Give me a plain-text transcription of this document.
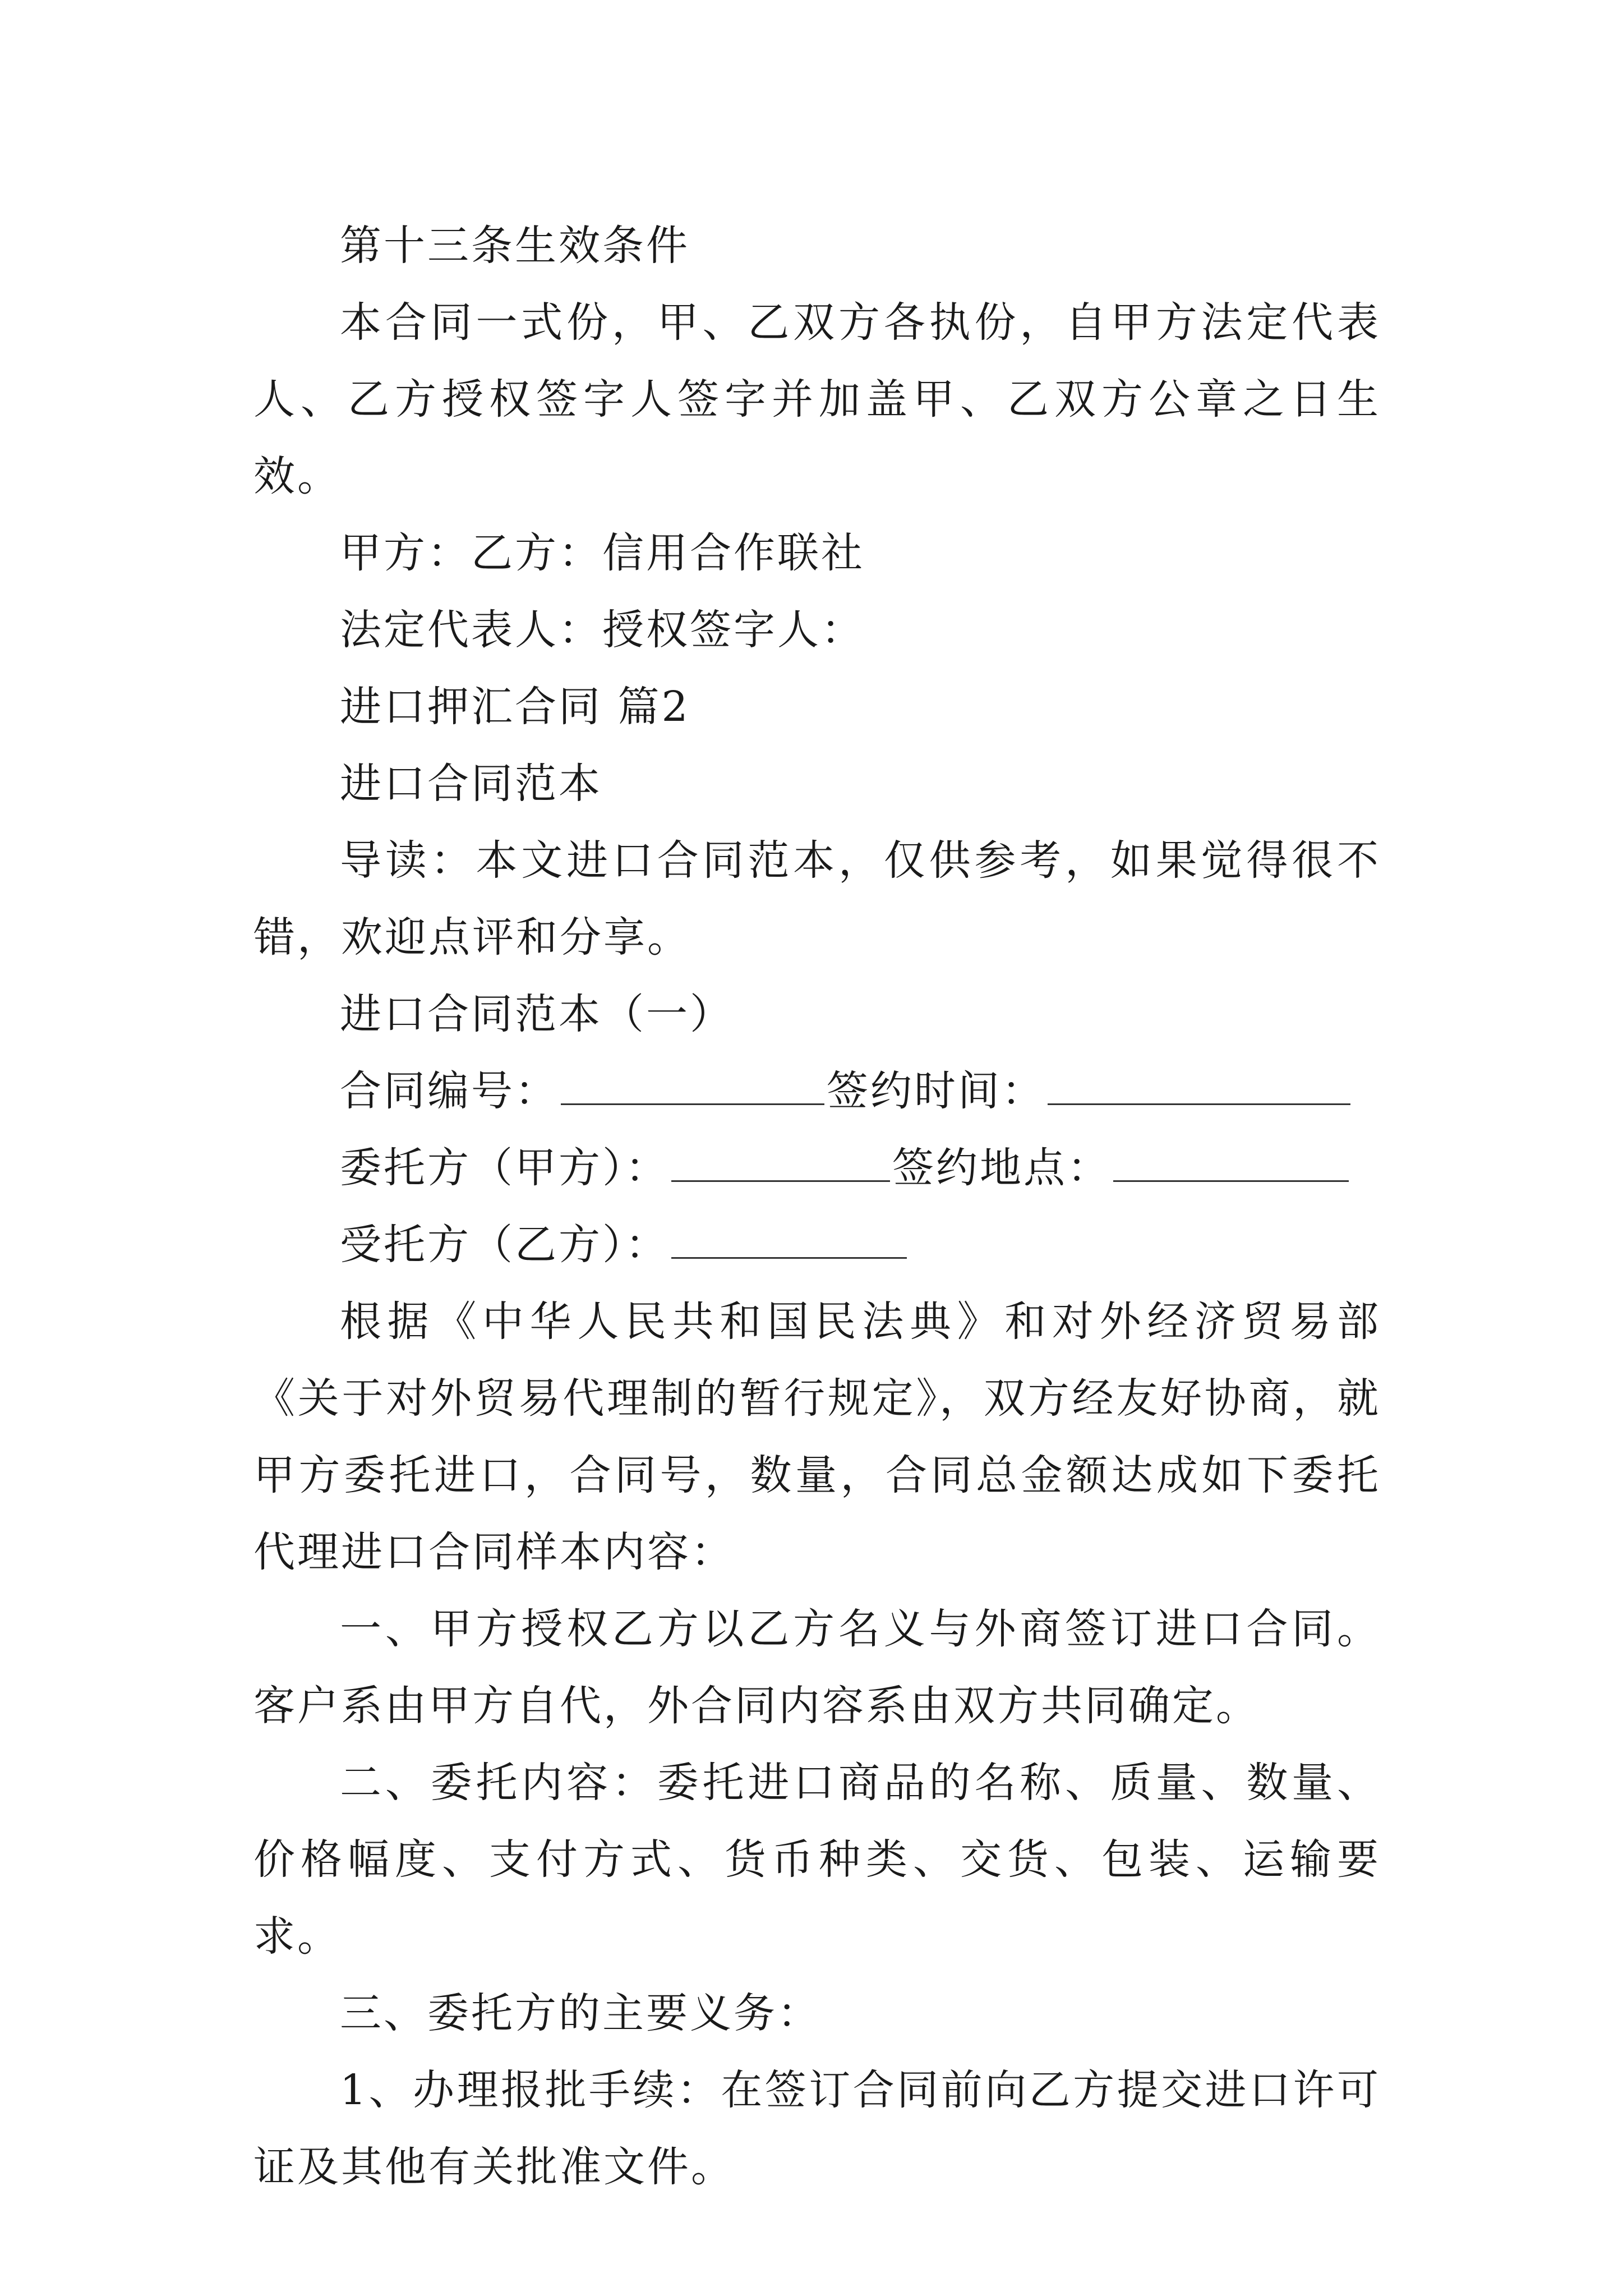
第十三条生效条件

本合同一式份，甲、乙双方各执份，自甲方法定代表人、乙方授权签字人签字并加盖甲、乙双方公章之日生效。

甲方：乙方：信用合作联社

法定代表人：授权签字人：

进口押汇合同 篇2

进口合同范本

导读：本文进口合同范本，仅供参考，如果觉得很不错，欢迎点评和分享。

进口合同范本（一）

合同编号：	签约时间：

委托方（甲方）：	签约地点：

受托方（乙方）：

根据《中华人民共和国民法典》和对外经济贸易部《关于对外贸易代理制的暂行规定》，双方经友好协商，就甲方委托进口，合同号，数量，合同总金额达成如下委托代理进口合同样本内容：

一、甲方授权乙方以乙方名义与外商签订进口合同。客户系由甲方自代，外合同内容系由双方共同确定。

二、委托内容：委托进口商品的名称、质量、数量、价格幅度、支付方式、货币种类、交货、包装、运输要求。

三、委托方的主要义务：

1、办理报批手续：在签订合同前向乙方提交进口许可证及其他有关批准文件。
